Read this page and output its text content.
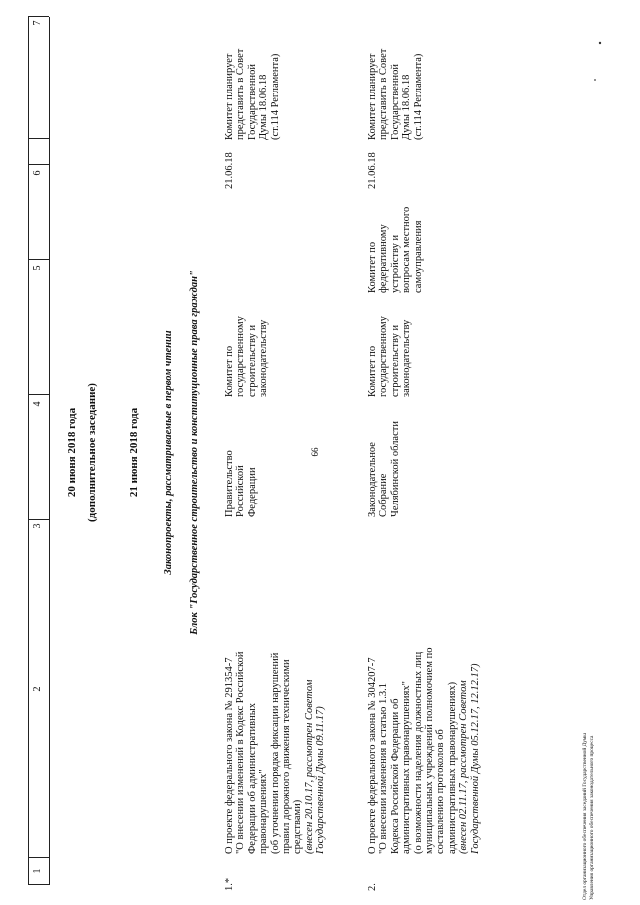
66
1
2
3
4
5
6
7
20 июня 2018 года (дополнительное заседание)	21 июня 2018 года Законопроекты, рассматриваемые в первом чтении Блок "Государственное строительство и конституционные права граждан"
1.*
О проекте федерального закона № 291354-7 "О внесении изменений в Кодекс Российской Федерации об административных правонарушениях" (об уточнении порядка фиксации нарушений правил дорожного движения техническими средствами) (внесен 20.10.17, рассмотрен Советом Государственной Думы 09.11.17)
Правительство Российской Федерации
Комитет по государственному строительству и законодательству
21.06.18
Комитет планирует представить в Совет Государственной Думы 18.06.18 (ст.114 Регламента)
2.
О проекте федерального закона № 304207-7 "О внесении изменения в статью 1.3.1 Кодекса Российской Федерации об административных правонарушениях" (о возможности наделения должностных лиц муниципальных учреждений полномочием по составлению протоколов об административных правонарушениях) (внесен 02.11.17, рассмотрен Советом Государственной Думы 05.12.17, 12.12.17)
Законодательное Собрание Челябинской области
Комитет по государственному строительству и законодательству
Комитет по федеративному устройству и вопросам местного самоуправления
21.06.18
Комитет планирует представить в Совет Государственной Думы 18.06.18 (ст.114 Регламента)
Отдел организационного обеспечения заседаний Государственной Думы Управления организационного обеспечения законодательного процесса
